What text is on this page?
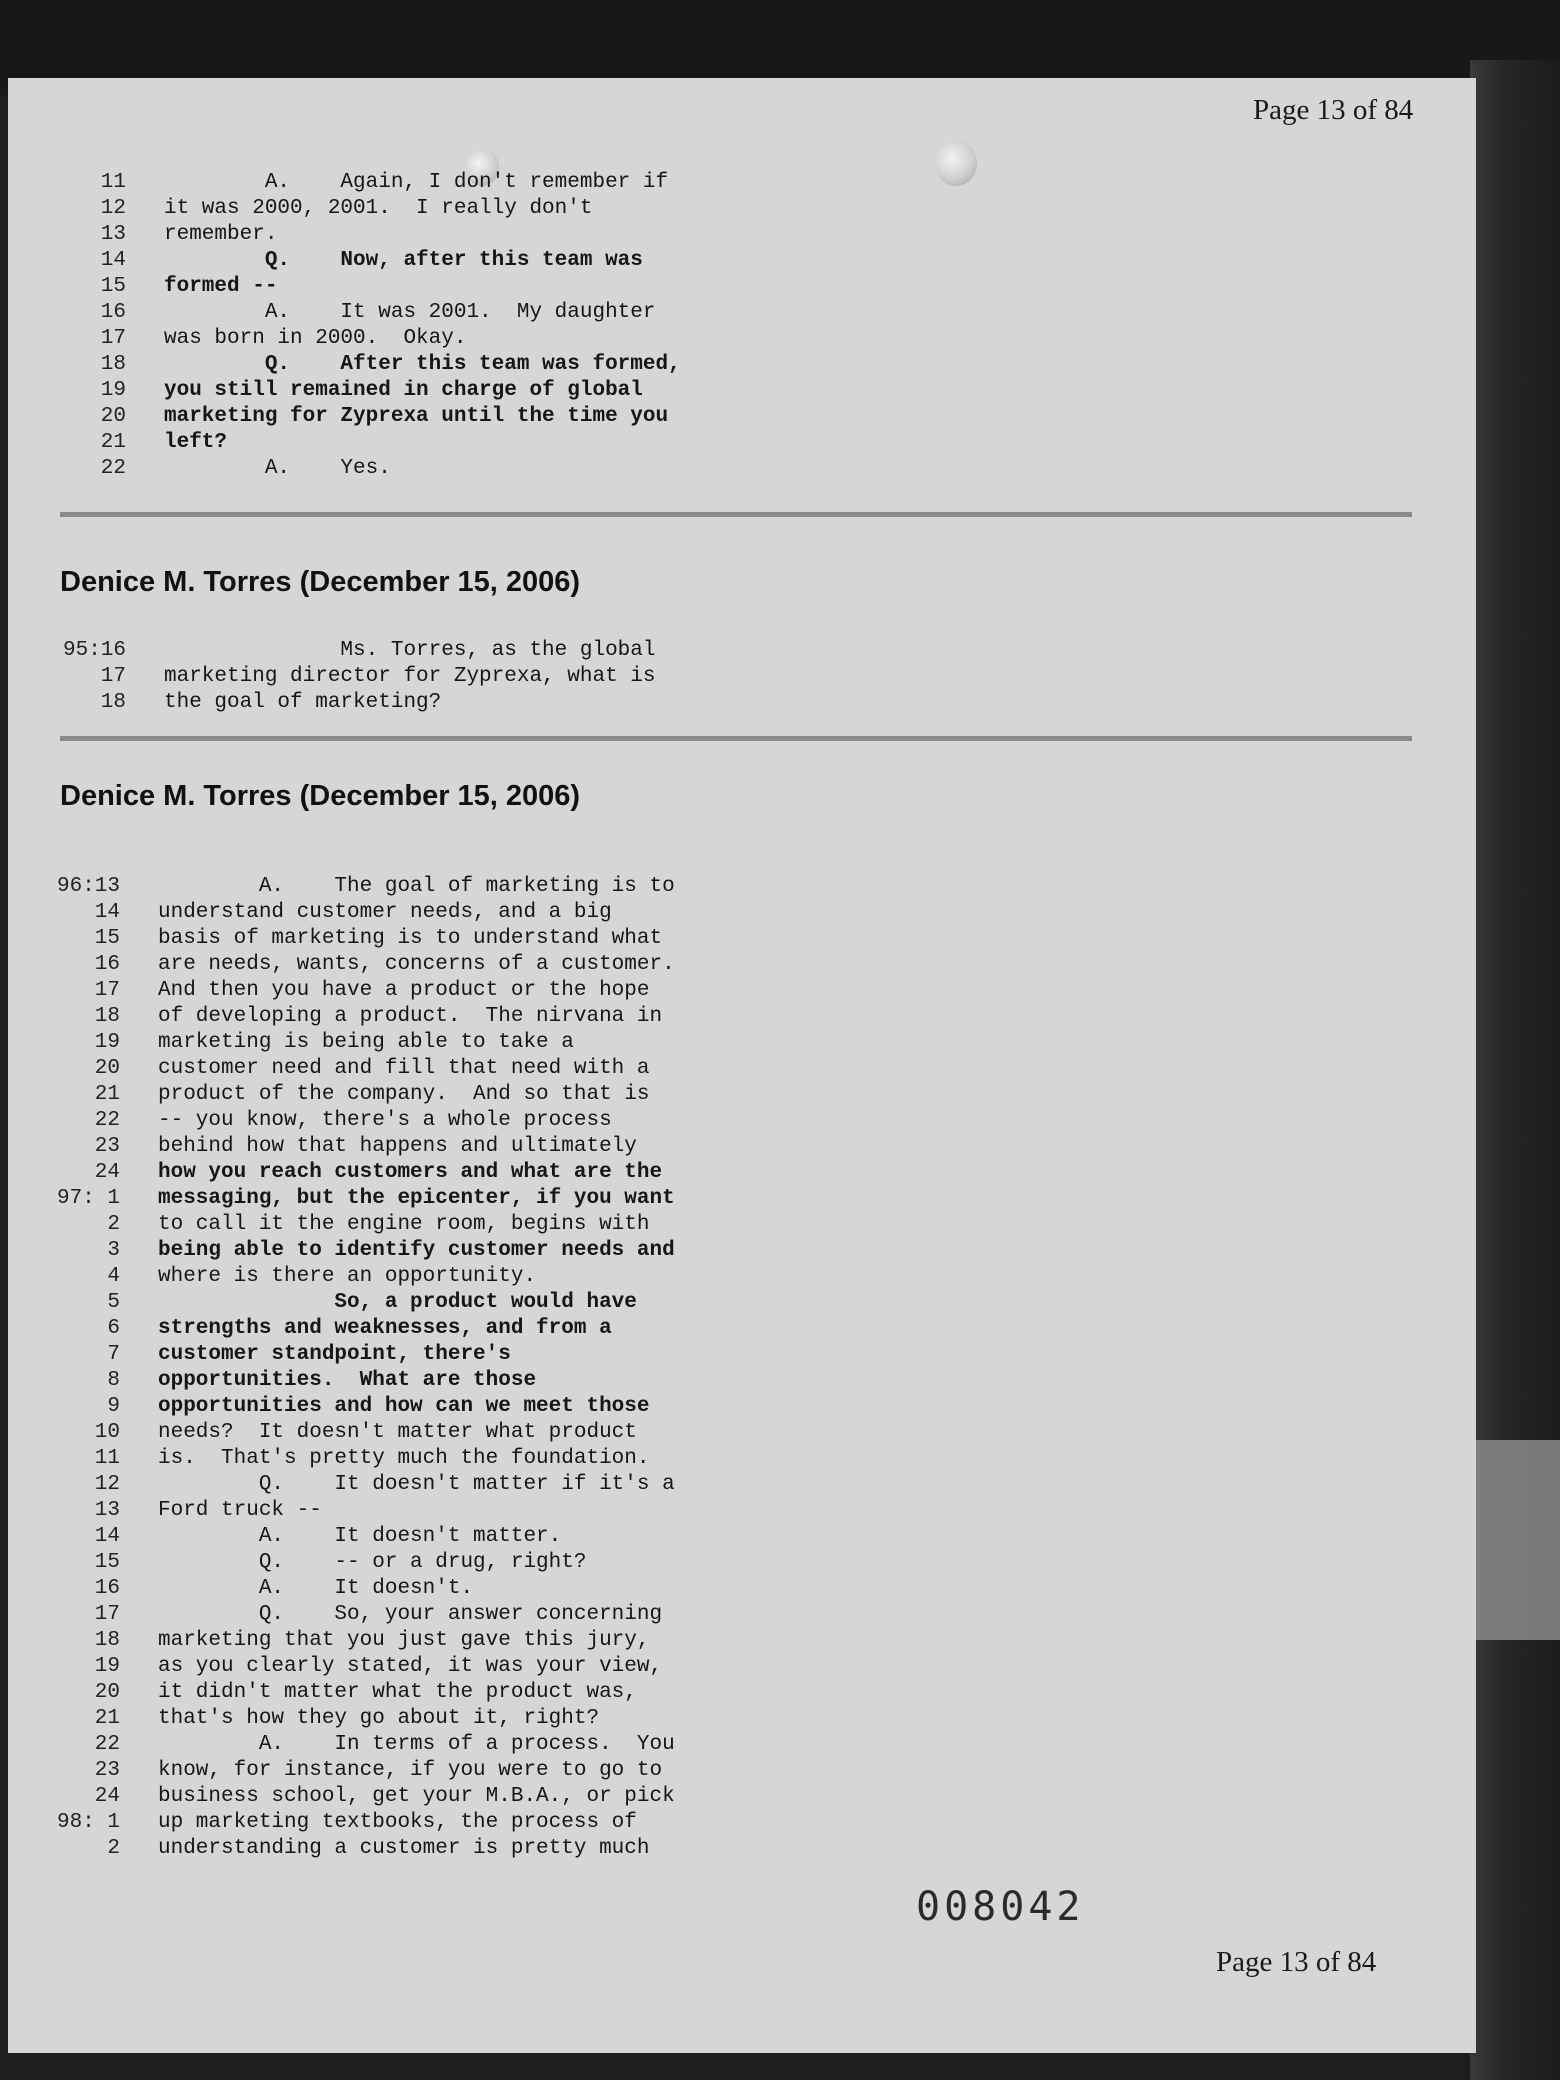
Page 13 of 84
11	A.    Again, I don't remember if
12	it was 2000, 2001.  I really don't
13	remember.
14	Q.    Now, after this team was
15	formed --
16	A.    It was 2001.  My daughter
17	was born in 2000.  Okay.
18	Q.    After this team was formed,
19	you still remained in charge of global
20	marketing for Zyprexa until the time you
21	left?
22	A.    Yes.
Denice M. Torres (December 15, 2006)
95:16	Ms. Torres, as the global
17	marketing director for Zyprexa, what is
18	the goal of marketing?
Denice M. Torres (December 15, 2006)
96:13	A.    The goal of marketing is to
14	understand customer needs, and a big
15	basis of marketing is to understand what
16	are needs, wants, concerns of a customer.
17	And then you have a product or the hope
18	of developing a product.  The nirvana in
19	marketing is being able to take a
20	customer need and fill that need with a
21	product of the company.  And so that is
22	-- you know, there's a whole process
23	behind how that happens and ultimately
24	how you reach customers and what are the
97: 1	messaging, but the epicenter, if you want
2	to call it the engine room, begins with
3	being able to identify customer needs and
4	where is there an opportunity.
5	So, a product would have
6	strengths and weaknesses, and from a
7	customer standpoint, there's
8	opportunities.  What are those
9	opportunities and how can we meet those
10	needs?  It doesn't matter what product
11	is.  That's pretty much the foundation.
12	Q.    It doesn't matter if it's a
13	Ford truck --
14	A.    It doesn't matter.
15	Q.    -- or a drug, right?
16	A.    It doesn't.
17	Q.    So, your answer concerning
18	marketing that you just gave this jury,
19	as you clearly stated, it was your view,
20	it didn't matter what the product was,
21	that's how they go about it, right?
22	A.    In terms of a process.  You
23	know, for instance, if you were to go to
24	business school, get your M.B.A., or pick
98: 1	up marketing textbooks, the process of
2	understanding a customer is pretty much
008042
Page 13 of 84
